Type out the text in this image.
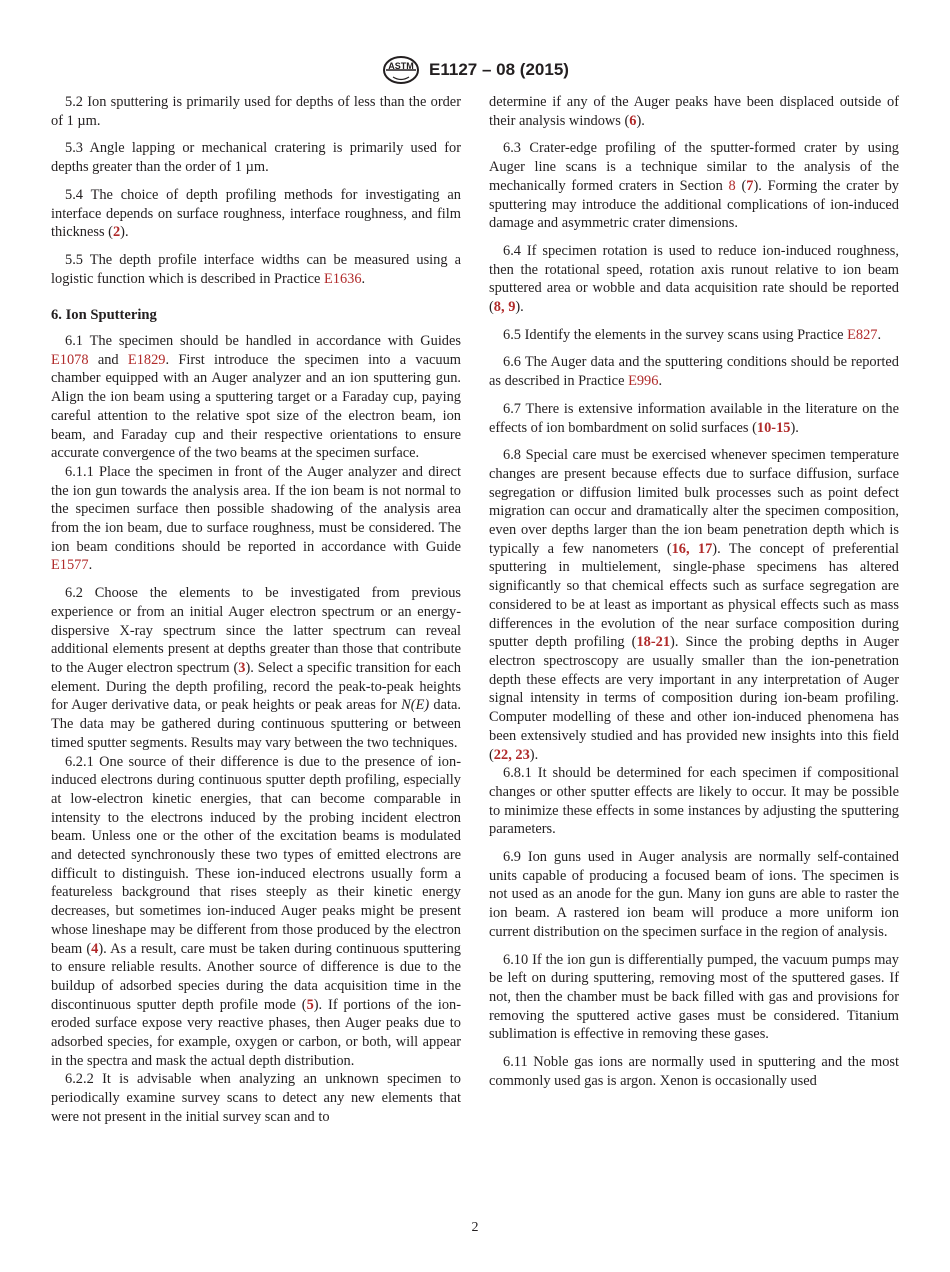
ASTM E1127 – 08 (2015)

5.2 Ion sputtering is primarily used for depths of less than the order of 1 µm.

5.3 Angle lapping or mechanical cratering is primarily used for depths greater than the order of 1 µm.

5.4 The choice of depth profiling methods for investigating an interface depends on surface roughness, interface roughness, and film thickness (2).

5.5 The depth profile interface widths can be measured using a logistic function which is described in Practice E1636.

6. Ion Sputtering

6.1 The specimen should be handled in accordance with Guides E1078 and E1829. First introduce the specimen into a vacuum chamber equipped with an Auger analyzer and an ion sputtering gun. Align the ion beam using a sputtering target or a Faraday cup, paying careful attention to the relative spot size of the electron beam, ion beam, and Faraday cup and their respective orientations to ensure accurate convergence of the two beams at the specimen surface.

6.1.1 Place the specimen in front of the Auger analyzer and direct the ion gun towards the analysis area. If the ion beam is not normal to the specimen surface then possible shadowing of the analysis area from the ion beam, due to surface roughness, must be considered. The ion beam conditions should be reported in accordance with Guide E1577.

6.2 Choose the elements to be investigated from previous experience or from an initial Auger electron spectrum or an energy-dispersive X-ray spectrum since the latter spectrum can reveal additional elements present at depths greater than those that contribute to the Auger electron spectrum (3). Select a specific transition for each element. During the depth profiling, record the peak-to-peak heights for Auger derivative data, or peak heights or peak areas for N(E) data. The data may be gathered during continuous sputtering or between timed sputter segments. Results may vary between the two techniques.

6.2.1 One source of their difference is due to the presence of ion-induced electrons during continuous sputter depth profiling, especially at low-electron kinetic energies, that can become comparable in intensity to the electrons induced by the probing incident electron beam. Unless one or the other of the excitation beams is modulated and detected synchronously these two types of emitted electrons are difficult to distinguish. These ion-induced electrons usually form a featureless background that rises steeply as their kinetic energy decreases, but sometimes ion-induced Auger peaks might be present whose lineshape may be different from those produced by the electron beam (4). As a result, care must be taken during continuous sputtering to ensure reliable results. Another source of difference is due to the buildup of adsorbed species during the data acquisition time in the discontinuous sputter depth profile mode (5). If portions of the ion-eroded surface expose very reactive phases, then Auger peaks due to adsorbed species, for example, oxygen or carbon, or both, will appear in the spectra and mask the actual depth distribution.

6.2.2 It is advisable when analyzing an unknown specimen to periodically examine survey scans to detect any new elements that were not present in the initial survey scan and to

determine if any of the Auger peaks have been displaced outside of their analysis windows (6).

6.3 Crater-edge profiling of the sputter-formed crater by using Auger line scans is a technique similar to the analysis of the mechanically formed craters in Section 8 (7). Forming the crater by sputtering may introduce the additional complications of ion-induced damage and asymmetric crater dimensions.

6.4 If specimen rotation is used to reduce ion-induced roughness, then the rotational speed, rotation axis runout relative to ion beam sputtered area or wobble and data acquisition rate should be reported (8, 9).

6.5 Identify the elements in the survey scans using Practice E827.

6.6 The Auger data and the sputtering conditions should be reported as described in Practice E996.

6.7 There is extensive information available in the literature on the effects of ion bombardment on solid surfaces (10-15).

6.8 Special care must be exercised whenever specimen temperature changes are present because effects due to surface diffusion, surface segregation or diffusion limited bulk processes such as point defect migration can occur and dramatically alter the specimen composition, even over depths larger than the ion beam penetration depth which is typically a few nanometers (16, 17). The concept of preferential sputtering in multielement, single-phase specimens has altered significantly so that chemical effects such as surface segregation are considered to be at least as important as physical effects such as mass differences in the evolution of the near surface composition during sputter depth profiling (18-21). Since the probing depths in Auger electron spectroscopy are usually smaller than the ion-penetration depth these effects are very important in any interpretation of Auger signal intensity in terms of composition during ion-beam profiling. Computer modelling of these and other ion-induced phenomena has been extensively studied and has provided new insights into this field (22, 23).

6.8.1 It should be determined for each specimen if compositional changes or other sputter effects are likely to occur. It may be possible to minimize these effects in some instances by adjusting the sputtering parameters.

6.9 Ion guns used in Auger analysis are normally self-contained units capable of producing a focused beam of ions. The specimen is not used as an anode for the gun. Many ion guns are able to raster the ion beam. A rastered ion beam will produce a more uniform ion current distribution on the specimen surface in the region of analysis.

6.10 If the ion gun is differentially pumped, the vacuum pumps may be left on during sputtering, removing most of the sputtered gases. If not, then the chamber must be back filled with gas and provisions for removing the sputtered active gases must be considered. Titanium sublimation is effective in removing these gases.

6.11 Noble gas ions are normally used in sputtering and the most commonly used gas is argon. Xenon is occasionally used

2
